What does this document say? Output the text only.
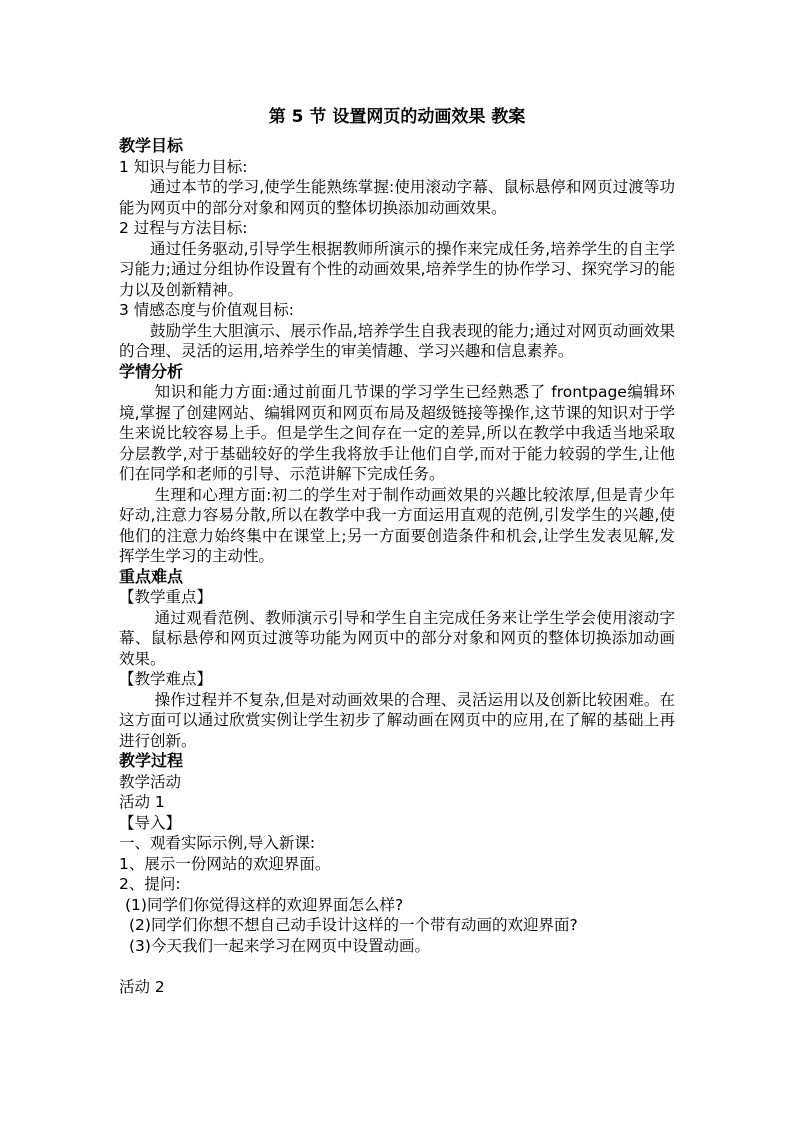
第 5 节 设置网页的动画效果 教案
教学目标
1 知识与能力目标:
通过本节的学习,使学生能熟练掌握:使用滚动字幕、鼠标悬停和网页过渡等功能为网页中的部分对象和网页的整体切换添加动画效果。
2 过程与方法目标:
通过任务驱动,引导学生根据教师所演示的操作来完成任务,培养学生的自主学习能力;通过分组协作设置有个性的动画效果,培养学生的协作学习、探究学习的能力以及创新精神。
3 情感态度与价值观目标:
鼓励学生大胆演示、展示作品,培养学生自我表现的能力;通过对网页动画效果的合理、灵活的运用,培养学生的审美情趣、学习兴趣和信息素养。
学情分析
知识和能力方面:通过前面几节课的学习学生已经熟悉了 frontpage编辑环境,掌握了创建网站、编辑网页和网页布局及超级链接等操作,这节课的知识对于学生来说比较容易上手。但是学生之间存在一定的差异,所以在教学中我适当地采取分层教学,对于基础较好的学生我将放手让他们自学,而对于能力较弱的学生,让他们在同学和老师的引导、示范讲解下完成任务。
生理和心理方面:初二的学生对于制作动画效果的兴趣比较浓厚,但是青少年好动,注意力容易分散,所以在教学中我一方面运用直观的范例,引发学生的兴趣,使他们的注意力始终集中在课堂上;另一方面要创造条件和机会,让学生发表见解,发挥学生学习的主动性。
重点难点
【教学重点】
通过观看范例、教师演示引导和学生自主完成任务来让学生学会使用滚动字幕、鼠标悬停和网页过渡等功能为网页中的部分对象和网页的整体切换添加动画效果。
【教学难点】
操作过程并不复杂,但是对动画效果的合理、灵活运用以及创新比较困难。在这方面可以通过欣赏实例让学生初步了解动画在网页中的应用,在了解的基础上再进行创新。
教学过程
教学活动
活动 1
【导入】
一、观看实际示例,导入新课:
1、展示一份网站的欢迎界面。
2、提问:
(1)同学们你觉得这样的欢迎界面怎么样?
(2)同学们你想不想自己动手设计这样的一个带有动画的欢迎界面?
(3)今天我们一起来学习在网页中设置动画。
活动 2
